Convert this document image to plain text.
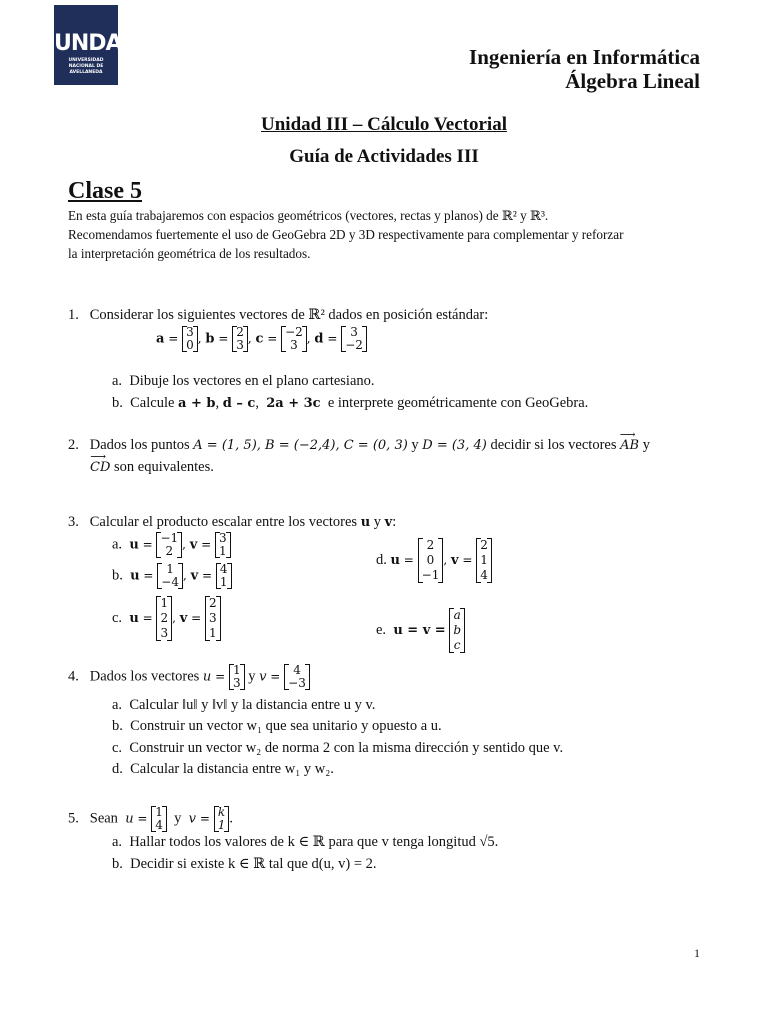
UNDAV
UNIVERSIDAD
NACIONAL DE
AVELLANEDA
Ingeniería en Informática
Álgebra Lineal
Unidad III – Cálculo Vectorial
Guía de Actividades III
Clase 5
En esta guía trabajaremos con espacios geométricos (vectores, rectas y planos) de ℝ² y ℝ³.
Recomendamos fuertemente el uso de GeoGebra 2D y 3D respectivamente para complementar y reforzar
la interpretación geométrica de los resultados.
1. Considerar los siguientes vectores de ℝ² dados en posición estándar:
a = 3
0 , b = 2
3 , c = −2
3 , d = 3
−2
a. Dibuje los vectores en el plano cartesiano.
b. Calcule a + b, d – c,  2a + 3c e interprete geométricamente con GeoGebra.
2. Dados los puntos A = (1, 5), B = (−2,4), C = (0, 3) y D = (3, 4) decidir si los vectores ⟶ AB y
⟶ CD son equivalentes.
3. Calcular el producto escalar entre los vectores u y v:
a. u = −1
2 , v = 3
1
b. u = 1
−4 , v = 4
1
c. u =
1
2
3
, v =
2
3
1
d. u =
2
0
−1
, v =
2
1
4
e. u = v =
a
b
c
4. Dados los vectores u = 1
3 y v = 4
−3
a. Calcular ‖u‖ y ‖v‖ y la distancia entre u y v.
b. Construir un vector w₁ que sea unitario y opuesto a u.
c. Construir un vector w₂ de norma 2 con la misma dirección y sentido que v.
d. Calcular la distancia entre w₁ y w₂.
5. Sean u = 1
4 y v = k
1 .
a. Hallar todos los valores de k ∈ ℝ para que v tenga longitud √5.
b. Decidir si existe k ∈ ℝ tal que d(u, v) = 2.
1
